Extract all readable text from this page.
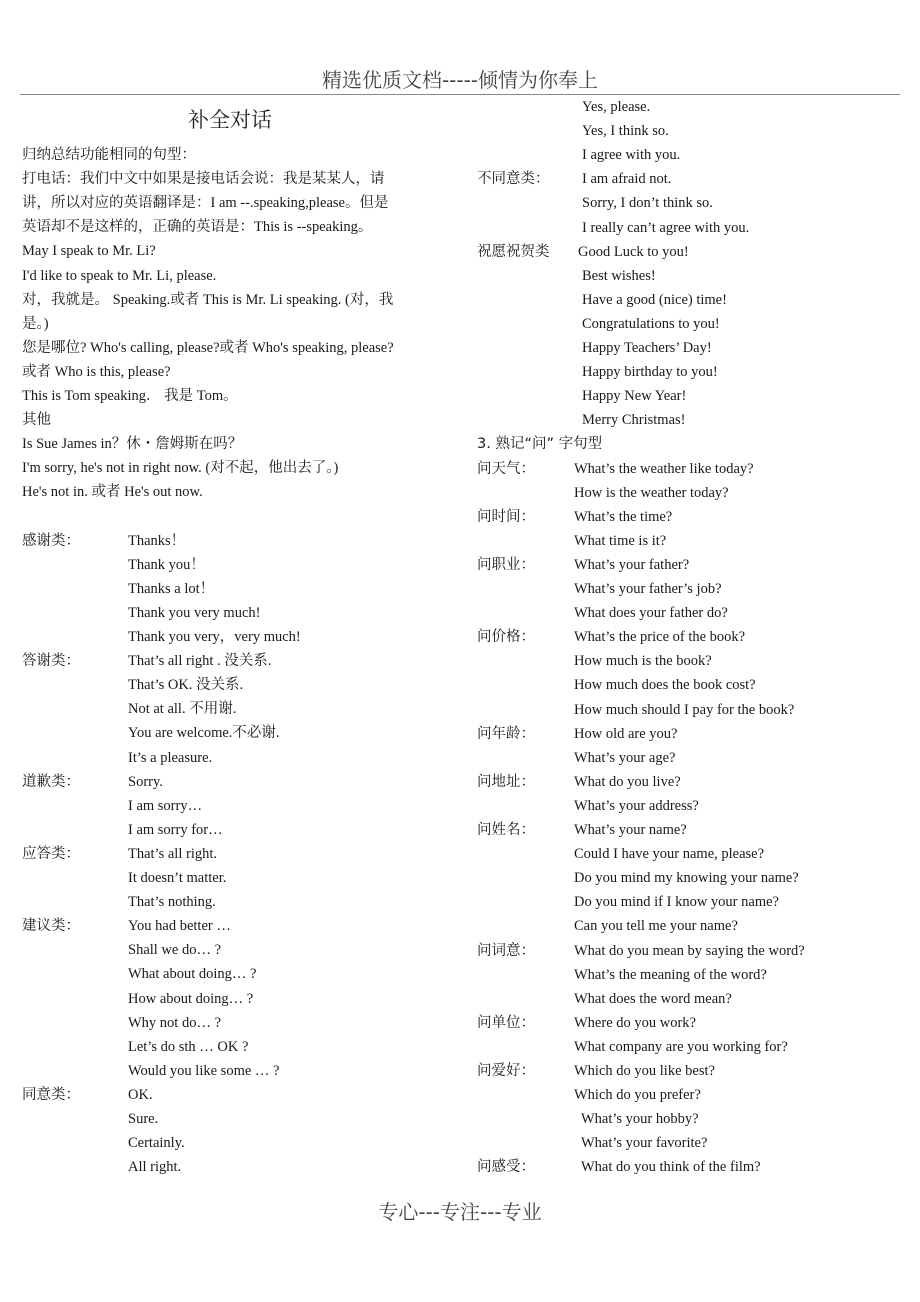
精选优质文档-----倾情为你奉上
补全对话
归纳总结功能相同的句型：
打电话：我们中文中如果是接电话会说：我是某某人，请
讲，所以对应的英语翻译是：I am --.speaking,please。但是
英语却不是这样的，正确的英语是：This is --speaking。
May I speak to Mr. Li?
I'd like to speak to Mr. Li, please.
对，我就是。 Speaking.或者 This is Mr. Li speaking. (对，我
是。)
您是哪位? Who's calling, please?或者 Who's speaking, please?
或者 Who is this, please?
This is Tom speaking． 我是 Tom。
其他
Is Sue James in？休・詹姆斯在吗？
I'm sorry, he's not in right now. (对不起，他出去了。)
He's not in. 或者 He's out now.
感谢类：	Thanks！
Thank you！
Thanks a lot！
Thank you very much!
Thank you very，very much!
答谢类：	That’s all right . 没关系.
That’s OK. 没关系.
Not at all. 不用谢.
You are welcome.不必谢.
It’s a pleasure.
道歉类：	Sorry.
I am sorry…
I am sorry for…
应答类：	That’s all right.
It doesn’t matter.
That’s nothing.
建议类：	You had better …
Shall we do… ?
What about doing… ?
How about doing… ?
Why not do… ?
Let’s do sth … OK ?
Would you like some … ?
同意类：	OK.
Sure.
Certainly.
All right.
Yes, please.
Yes, I think so.
I agree with you.
不同意类： I am afraid not.
Sorry, I don’t think so.
I really can’t agree with you.
祝愿祝贺类 Good Luck to you!
Best wishes!
Have a good (nice) time!
Congratulations to you!
Happy Teachers’ Day!
Happy birthday to you!
Happy New Year!
Merry Christmas!
3. 熟记“问” 字句型
问天气：	What’s the weather like today?
How is the weather today?
问时间：	What’s the time?
What time is it?
问职业：	What’s your father?
What’s your father’s job?
What does your father do?
问价格：	What’s the price of the book?
How much is the book?
How much does the book cost?
How much should I pay for the book?
问年龄：	How old are you?
What’s your age?
问地址：	What do you live?
What’s your address?
问姓名：	What’s your name?
Could I have your name, please?
Do you mind my knowing your name?
Do you mind if I know your name?
Can you tell me your name?
问词意：	What do you mean by saying the word?
What’s the meaning of the word?
What does the word mean?
问单位：	Where do you work?
What company are you working for?
问爱好：	Which do you like best?
Which do you prefer?
What’s your hobby?
What’s your favorite?
问感受：	What do you think of the film?
专心---专注---专业
